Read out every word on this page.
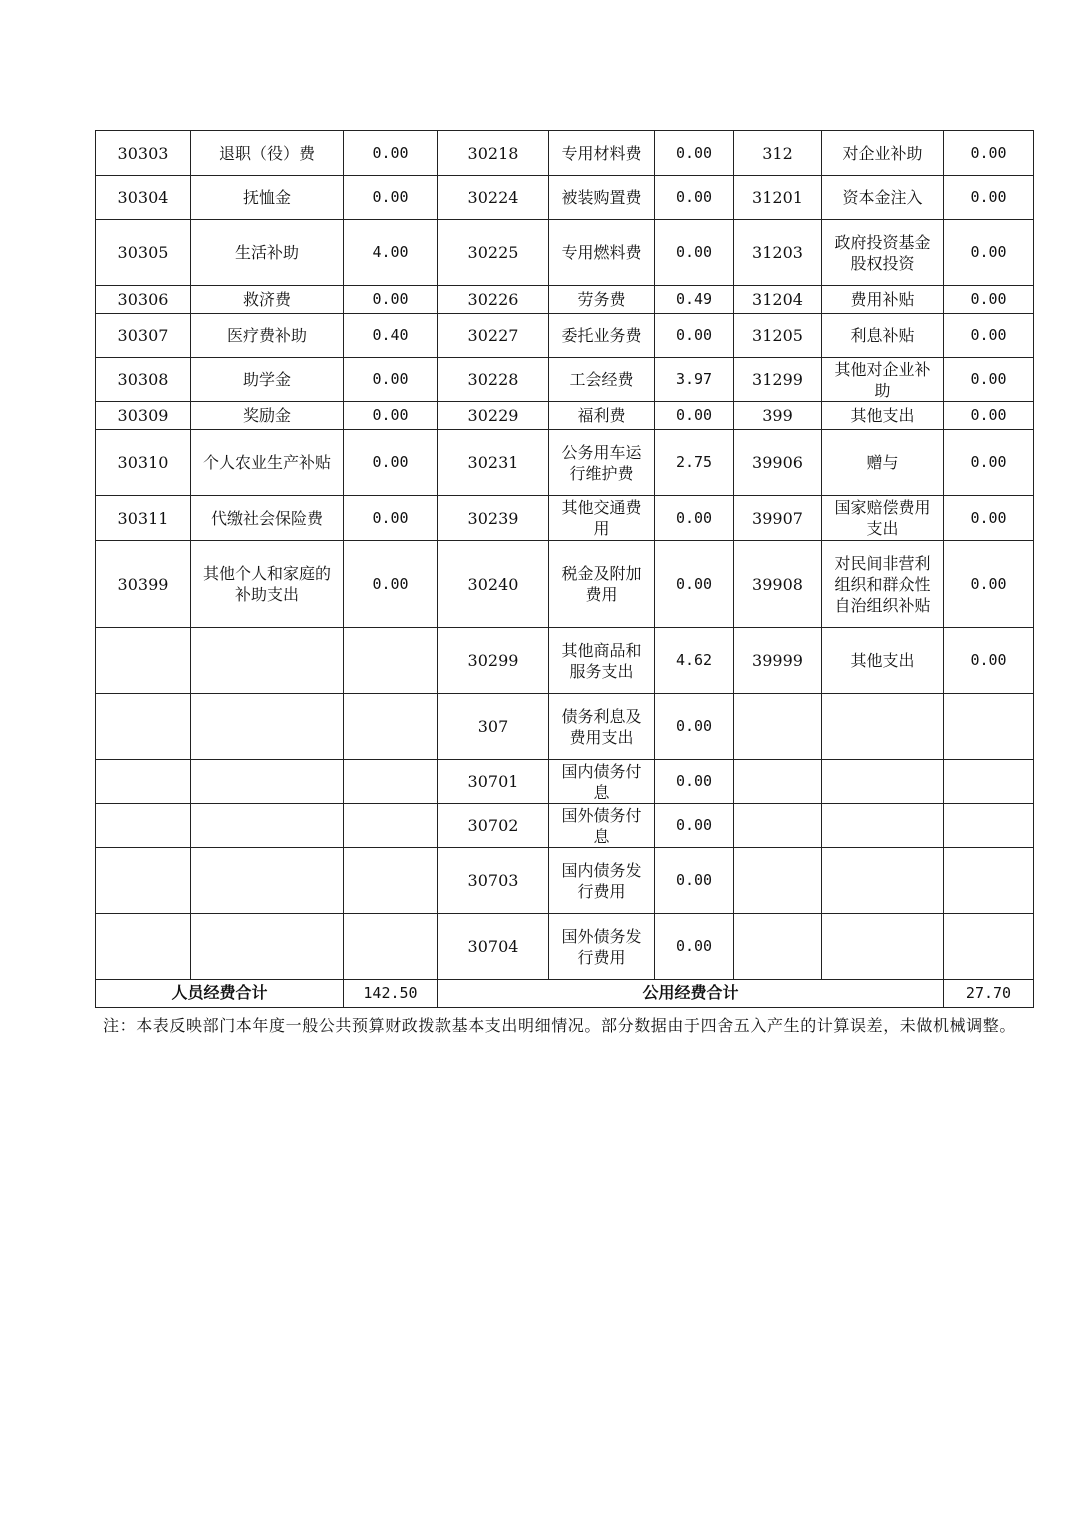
30303	退职（役）费	0.00	30218	专用材料费	0.00	312	对企业补助	0.00
30304	抚恤金	0.00	30224	被装购置费	0.00	31201	资本金注入	0.00
30305	生活补助	4.00	30225	专用燃料费	0.00	31203	政府投资基金股权投资	0.00
30306	救济费	0.00	30226	劳务费	0.49	31204	费用补贴	0.00
30307	医疗费补助	0.40	30227	委托业务费	0.00	31205	利息补贴	0.00
30308	助学金	0.00	30228	工会经费	3.97	31299	其他对企业补助	0.00
30309	奖励金	0.00	30229	福利费	0.00	399	其他支出	0.00
30310	个人农业生产补贴	0.00	30231	公务用车运行维护费	2.75	39906	赠与	0.00
30311	代缴社会保险费	0.00	30239	其他交通费用	0.00	39907	国家赔偿费用支出	0.00
30399	其他个人和家庭的补助支出	0.00	30240	税金及附加费用	0.00	39908	对民间非营利组织和群众性自治组织补贴	0.00
			30299	其他商品和服务支出	4.62	39999	其他支出	0.00
			307	债务利息及费用支出	0.00			
			30701	国内债务付息	0.00			
			30702	国外债务付息	0.00			
			30703	国内债务发行费用	0.00			
			30704	国外债务发行费用	0.00			
人员经费合计		142.50	公用经费合计					27.70
注：本表反映部门本年度一般公共预算财政拨款基本支出明细情况。部分数据由于四舍五入产生的计算误差，未做机械调整。
